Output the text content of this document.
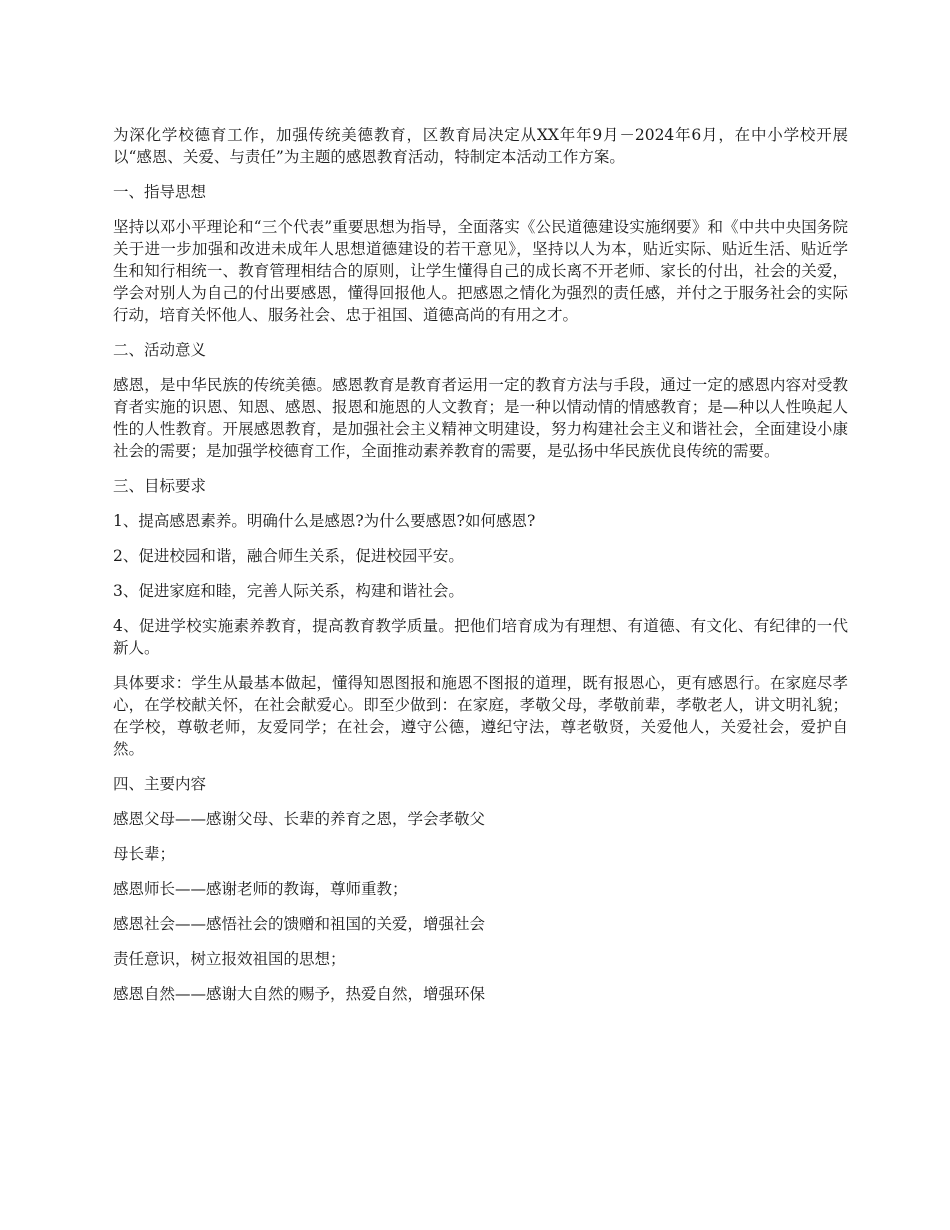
为深化学校德育工作，加强传统美德教育，区教育局决定从XX年年9月－2024年6月，在中小学校开展以“感恩、关爱、与责任”为主题的感恩教育活动，特制定本活动工作方案。

一、指导思想

坚持以邓小平理论和“三个代表”重要思想为指导，全面落实《公民道德建设实施纲要》和《中共中央国务院关于进一步加强和改进未成年人思想道德建设的若干意见》，坚持以人为本，贴近实际、贴近生活、贴近学生和知行相统一、教育管理相结合的原则，让学生懂得自己的成长离不开老师、家长的付出，社会的关爱，学会对别人为自己的付出要感恩，懂得回报他人。把感恩之情化为强烈的责任感，并付之于服务社会的实际行动，培育关怀他人、服务社会、忠于祖国、道德高尚的有用之才。

二、活动意义

感恩，是中华民族的传统美德。感恩教育是教育者运用一定的教育方法与手段，通过一定的感恩内容对受教育者实施的识恩、知恩、感恩、报恩和施恩的人文教育；是一种以情动情的情感教育；是—种以人性唤起人性的人性教育。开展感恩教育，是加强社会主义精神文明建设，努力构建社会主义和谐社会，全面建设小康社会的需要；是加强学校德育工作，全面推动素养教育的需要，是弘扬中华民族优良传统的需要。

三、目标要求

1、提高感恩素养。明确什么是感恩?为什么要感恩?如何感恩?

2、促进校园和谐，融合师生关系，促进校园平安。

3、促进家庭和睦，完善人际关系，构建和谐社会。

4、促进学校实施素养教育，提高教育教学质量。把他们培育成为有理想、有道德、有文化、有纪律的一代新人。

具体要求：学生从最基本做起，懂得知恩图报和施恩不图报的道理，既有报恩心，更有感恩行。在家庭尽孝心，在学校献关怀，在社会献爱心。即至少做到：在家庭，孝敬父母，孝敬前辈，孝敬老人，讲文明礼貌；在学校，尊敬老师，友爱同学；在社会，遵守公德，遵纪守法，尊老敬贤，关爱他人，关爱社会，爱护自然。

四、主要内容

感恩父母——感谢父母、长辈的养育之恩，学会孝敬父

母长辈；

感恩师长——感谢老师的教诲，尊师重教；

感恩社会——感悟社会的馈赠和祖国的关爱，增强社会

责任意识，树立报效祖国的思想；

感恩自然——感谢大自然的赐予，热爱自然，增强环保
